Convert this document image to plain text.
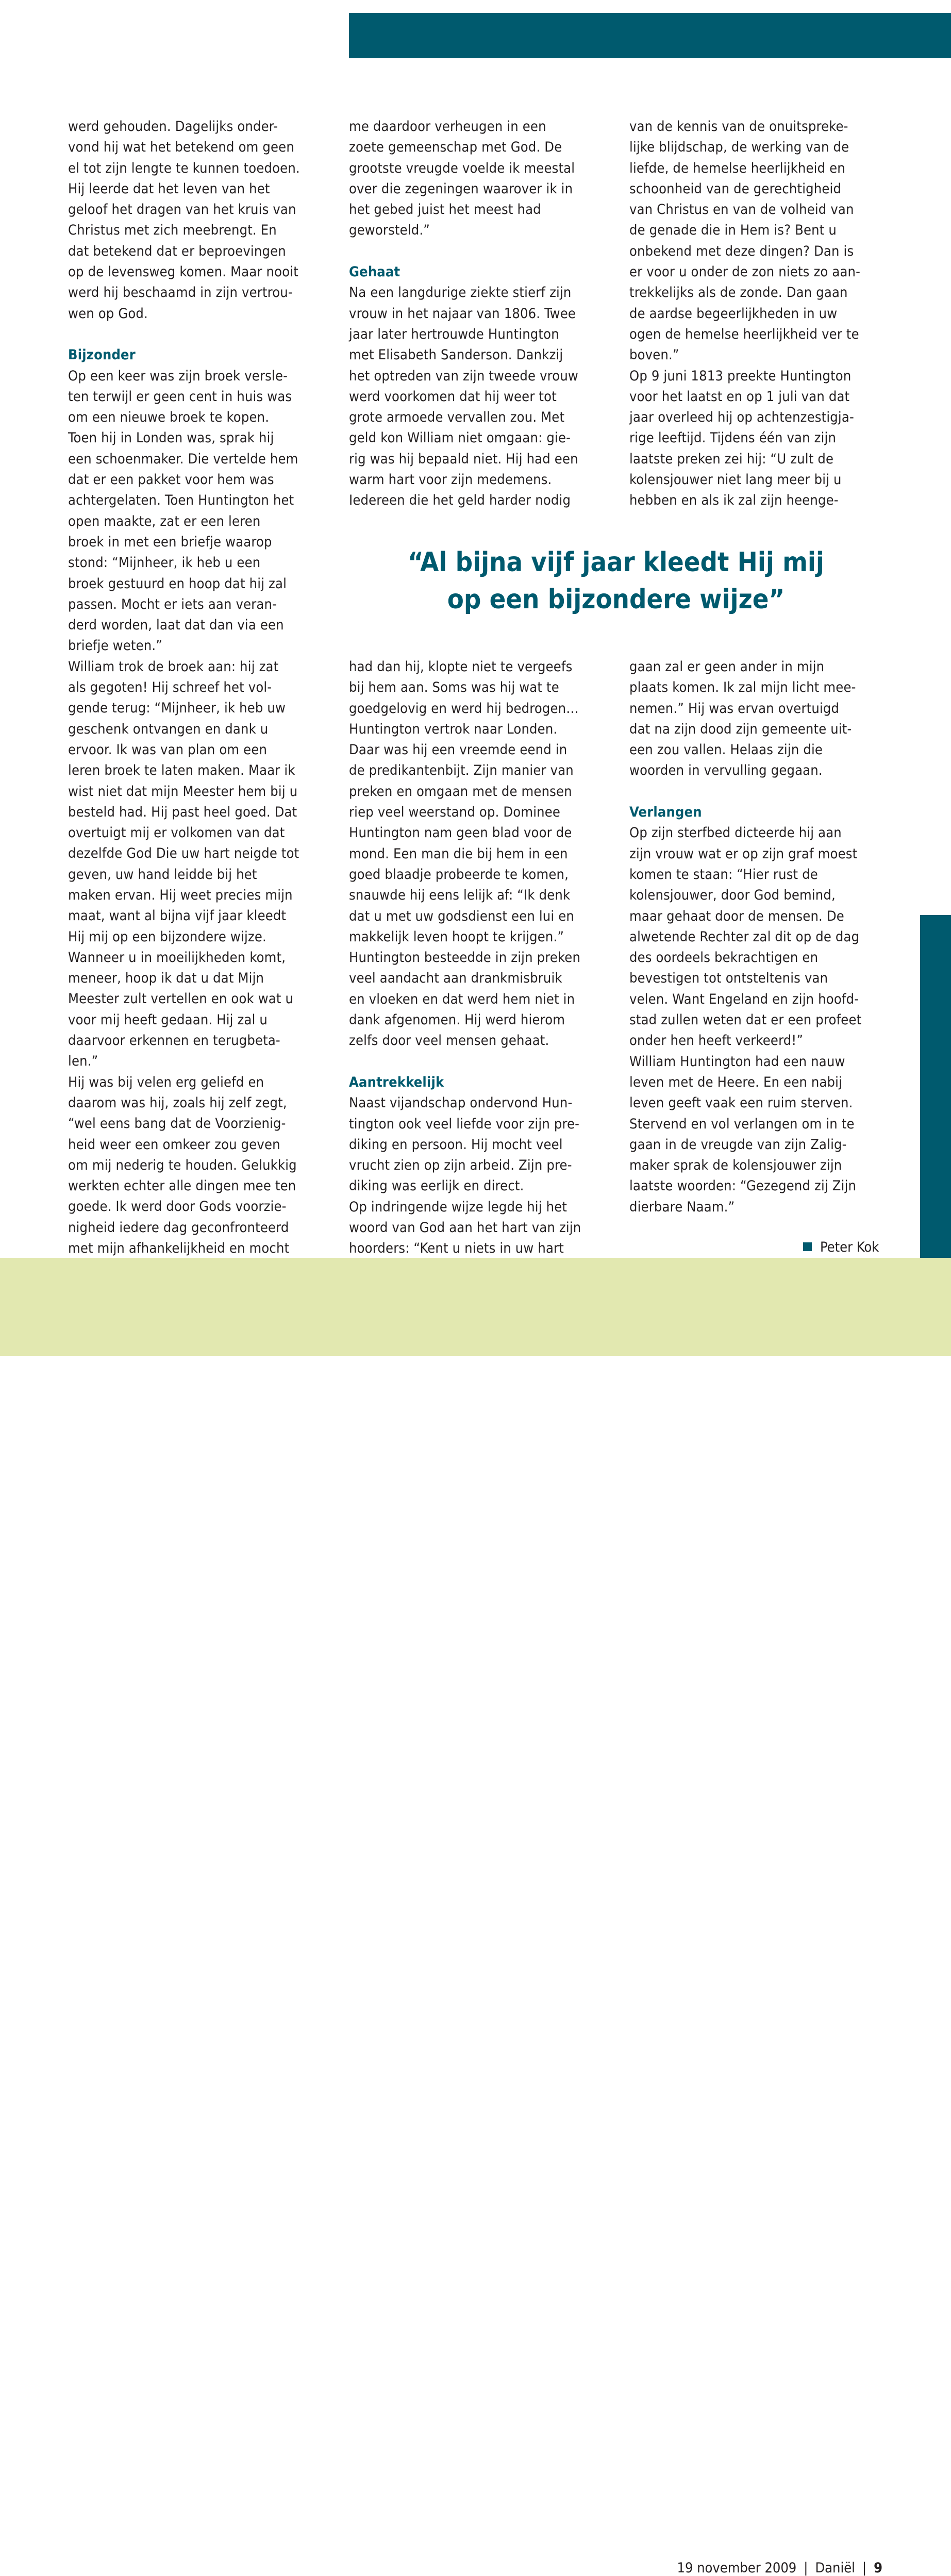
werd gehouden. Dagelijks onder-
vond hij wat het betekend om geen
el tot zijn lengte te kunnen toedoen.
Hij leerde dat het leven van het
geloof het dragen van het kruis van
Christus met zich meebrengt. En
dat betekend dat er beproevingen
op de levensweg komen. Maar nooit
werd hij beschaamd in zijn vertrou-
wen op God.
Bijzonder
Op een keer was zijn broek versle-
ten terwijl er geen cent in huis was
om een nieuwe broek te kopen.
Toen hij in Londen was, sprak hij
een schoenmaker. Die vertelde hem
dat er een pakket voor hem was
achtergelaten. Toen Huntington het
open maakte, zat er een leren
broek in met een briefje waarop
stond: “Mijnheer, ik heb u een
broek gestuurd en hoop dat hij zal
passen. Mocht er iets aan veran-
derd worden, laat dat dan via een
briefje weten.”
William trok de broek aan: hij zat
als gegoten! Hij schreef het vol-
gende terug: “Mijnheer, ik heb uw
geschenk ontvangen en dank u
ervoor. Ik was van plan om een
leren broek te laten maken. Maar ik
wist niet dat mijn Meester hem bij u
besteld had. Hij past heel goed. Dat
overtuigt mij er volkomen van dat
dezelfde God Die uw hart neigde tot
geven, uw hand leidde bij het
maken ervan. Hij weet precies mijn
maat, want al bijna vijf jaar kleedt
Hij mij op een bijzondere wijze.
Wanneer u in moeilijkheden komt,
meneer, hoop ik dat u dat Mijn
Meester zult vertellen en ook wat u
voor mij heeft gedaan. Hij zal u
daarvoor erkennen en terugbeta-
len.”
Hij was bij velen erg geliefd en
daarom was hij, zoals hij zelf zegt,
“wel eens bang dat de Voorzienig-
heid weer een omkeer zou geven
om mij nederig te houden. Gelukkig
werkten echter alle dingen mee ten
goede. Ik werd door Gods voorzie-
nigheid iedere dag geconfronteerd
met mijn afhankelijkheid en mocht
me daardoor verheugen in een
zoete gemeenschap met God. De
grootste vreugde voelde ik meestal
over die zegeningen waarover ik in
het gebed juist het meest had
geworsteld.”
Gehaat
Na een langdurige ziekte stierf zijn
vrouw in het najaar van 1806. Twee
jaar later hertrouwde Huntington
met Elisabeth Sanderson. Dankzij
het optreden van zijn tweede vrouw
werd voorkomen dat hij weer tot
grote armoede vervallen zou. Met
geld kon William niet omgaan: gie-
rig was hij bepaald niet. Hij had een
warm hart voor zijn medemens.
Iedereen die het geld harder nodig
van de kennis van de onuitspreke-
lijke blijdschap, de werking van de
liefde, de hemelse heerlijkheid en
schoonheid van de gerechtigheid
van Christus en van de volheid van
de genade die in Hem is? Bent u
onbekend met deze dingen? Dan is
er voor u onder de zon niets zo aan-
trekkelijks als de zonde. Dan gaan
de aardse begeerlijkheden in uw
ogen de hemelse heerlijkheid ver te
boven.”
Op 9 juni 1813 preekte Huntington
voor het laatst en op 1 juli van dat
jaar overleed hij op achtenzestigja-
rige leeftijd. Tijdens één van zijn
laatste preken zei hij: “U zult de
kolensjouwer niet lang meer bij u
hebben en als ik zal zijn heenge-
“Al bijna vijf jaar kleedt Hij mij
op een bijzondere wijze”
had dan hij, klopte niet te vergeefs
bij hem aan. Soms was hij wat te
goedgelovig en werd hij bedrogen…
Huntington vertrok naar Londen.
Daar was hij een vreemde eend in
de predikantenbijt. Zijn manier van
preken en omgaan met de mensen
riep veel weerstand op. Dominee
Huntington nam geen blad voor de
mond. Een man die bij hem in een
goed blaadje probeerde te komen,
snauwde hij eens lelijk af: “Ik denk
dat u met uw godsdienst een lui en
makkelijk leven hoopt te krijgen.”
Huntington besteedde in zijn preken
veel aandacht aan drankmisbruik
en vloeken en dat werd hem niet in
dank afgenomen. Hij werd hierom
zelfs door veel mensen gehaat.
Aantrekkelijk
Naast vijandschap ondervond Hun-
tington ook veel liefde voor zijn pre-
diking en persoon. Hij mocht veel
vrucht zien op zijn arbeid. Zijn pre-
diking was eerlijk en direct.
Op indringende wijze legde hij het
woord van God aan het hart van zijn
hoorders: “Kent u niets in uw hart
gaan zal er geen ander in mijn
plaats komen. Ik zal mijn licht mee-
nemen.” Hij was ervan overtuigd
dat na zijn dood zijn gemeente uit-
een zou vallen. Helaas zijn die
woorden in vervulling gegaan.
Verlangen
Op zijn sterfbed dicteerde hij aan
zijn vrouw wat er op zijn graf moest
komen te staan: “Hier rust de
kolensjouwer, door God bemind,
maar gehaat door de mensen. De
alwetende Rechter zal dit op de dag
des oordeels bekrachtigen en
bevestigen tot ontsteltenis van
velen. Want Engeland en zijn hoofd-
stad zullen weten dat er een profeet
onder hen heeft verkeerd!”
William Huntington had een nauw
leven met de Heere. En een nabij
leven geeft vaak een ruim sterven.
Stervend en vol verlangen om in te
gaan in de vreugde van zijn Zalig-
maker sprak de kolensjouwer zijn
laatste woorden: “Gezegend zij Zijn
dierbare Naam.”
Peter Kok
19 november 2009 | Daniël | 9
